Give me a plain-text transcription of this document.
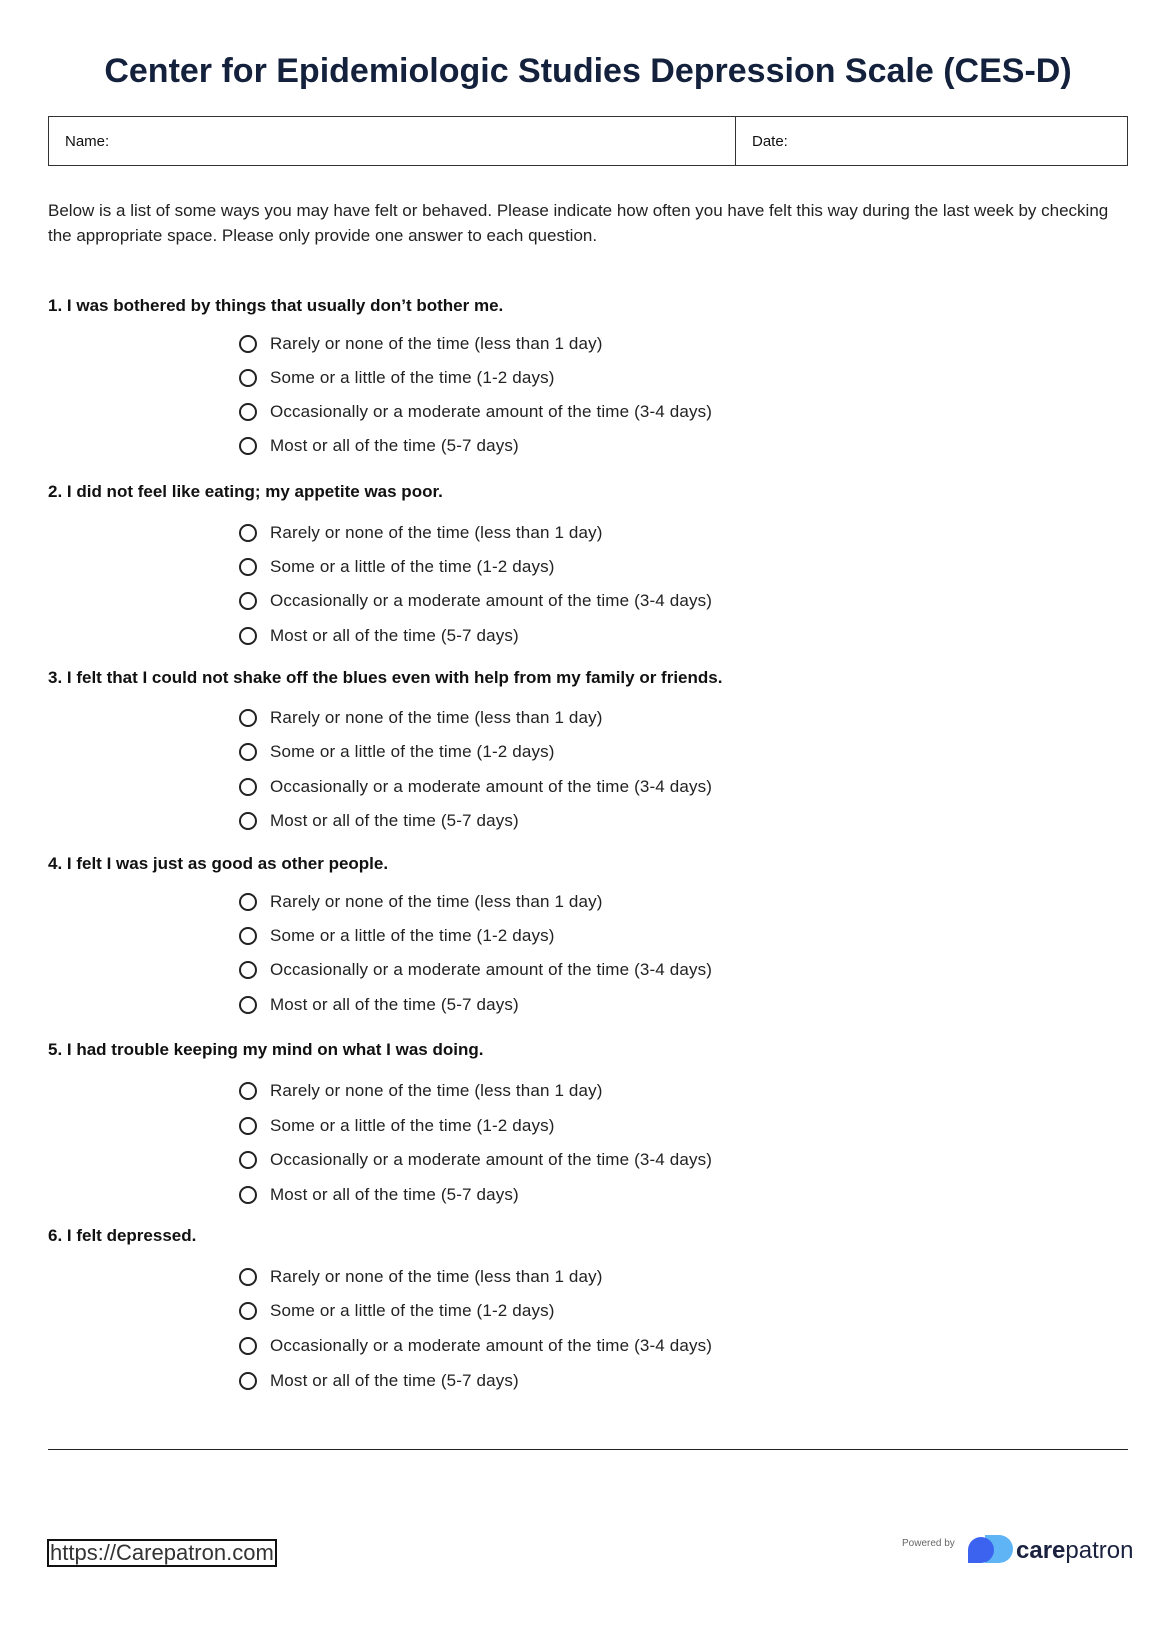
Center for Epidemiologic Studies Depression Scale (CES-D)
Name:	Date:

Below is a list of some ways you may have felt or behaved. Please indicate how often you have felt this way during the last week by checking the appropriate space. Please only provide one answer to each question.

1. I was bothered by things that usually don’t bother me.
Rarely or none of the time (less than 1 day)
Some or a little of the time (1-2 days)
Occasionally or a moderate amount of the time (3-4 days)
Most or all of the time (5-7 days)
2. I did not feel like eating; my appetite was poor.
Rarely or none of the time (less than 1 day)
Some or a little of the time (1-2 days)
Occasionally or a moderate amount of the time (3-4 days)
Most or all of the time (5-7 days)
3. I felt that I could not shake off the blues even with help from my family or friends.
Rarely or none of the time (less than 1 day)
Some or a little of the time (1-2 days)
Occasionally or a moderate amount of the time (3-4 days)
Most or all of the time (5-7 days)
4. I felt I was just as good as other people.
Rarely or none of the time (less than 1 day)
Some or a little of the time (1-2 days)
Occasionally or a moderate amount of the time (3-4 days)
Most or all of the time (5-7 days)
5. I had trouble keeping my mind on what I was doing.
Rarely or none of the time (less than 1 day)
Some or a little of the time (1-2 days)
Occasionally or a moderate amount of the time (3-4 days)
Most or all of the time (5-7 days)
6. I felt depressed.
Rarely or none of the time (less than 1 day)
Some or a little of the time (1-2 days)
Occasionally or a moderate amount of the time (3-4 days)
Most or all of the time (5-7 days)
https://Carepatron.com	Powered by	carepatron
